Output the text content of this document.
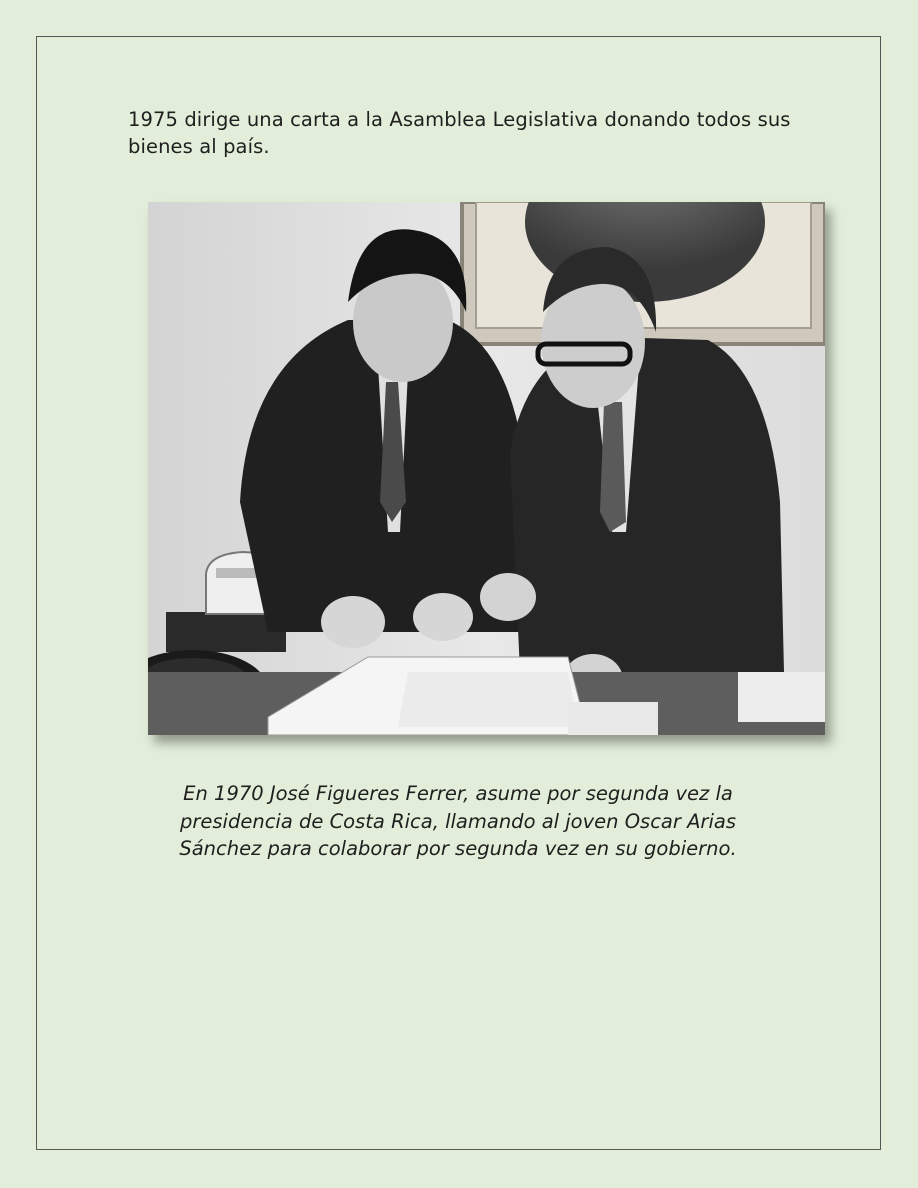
1975 dirige una carta a la Asamblea Legislativa donando todos sus bienes al país.

En 1970 José Figueres Ferrer, asume por segunda vez la presidencia de Costa Rica, llamando al joven Oscar Arias Sánchez para colaborar por segunda vez en su gobierno.
